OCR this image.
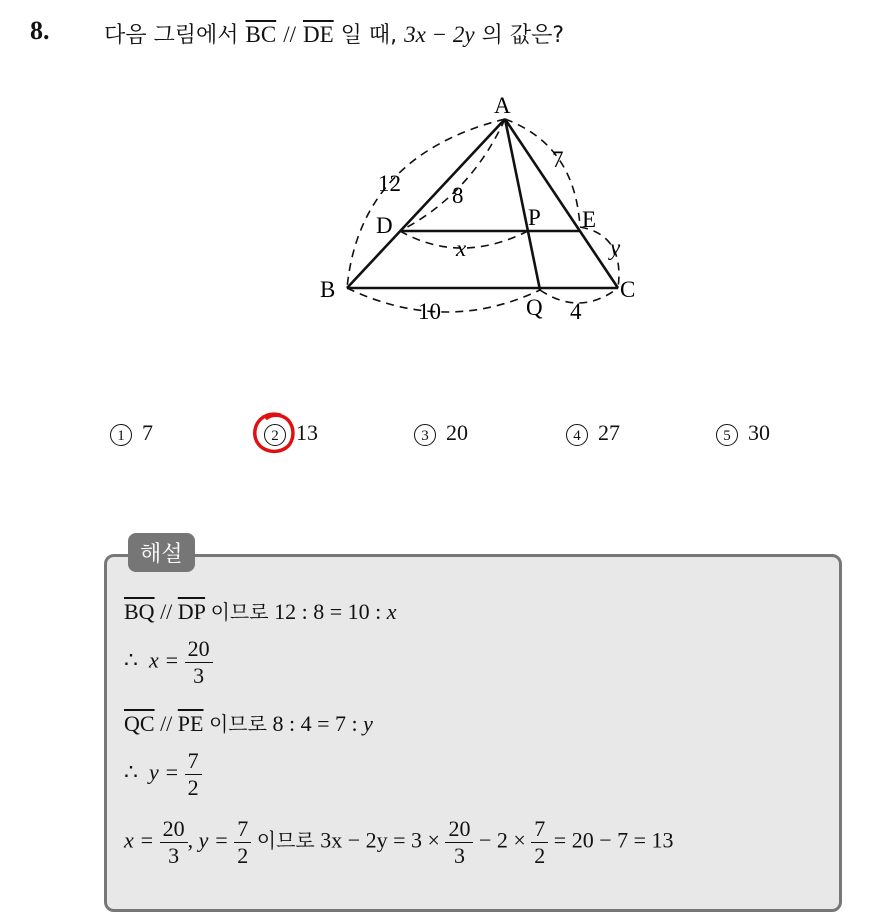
8. 다음 그림에서 $\overline{BC} // \overline{DE}$ 일 때, 3x − 2y 의 값은?
A
B	C
D	E
P
Q
12 8
7
x	y
10	4
1 7	2 13	3 20	4 27	5 30
해설
$\overline{BQ} // \overline{DP}$ 이므로 12 : 8 = 10 : x
∴ $x = \frac{20}{3}$
$\overline{QC} // \overline{PE}$ 이므로 8 : 4 = 7 : y
∴ $y = \frac{7}{2}$
$x = \frac{20}{3}$ , $y = \frac{7}{2}$ 이므로 $3x - 2y = 3 \times \frac{20}{3} - 2 \times \frac{7}{2} = 20 - 7 = 13$
